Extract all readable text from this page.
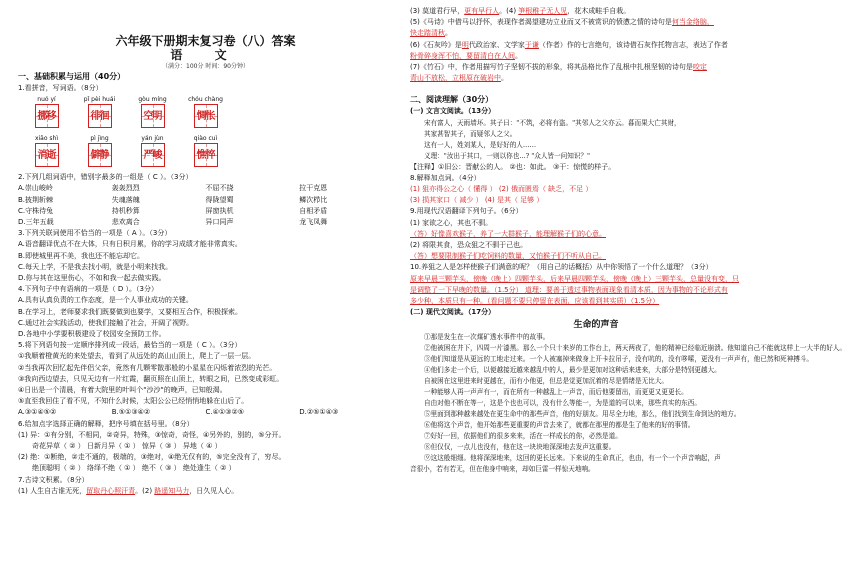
六年级下册期末复习卷（八）答案
语 文
（满分：100分 时间：90分钟）
一、基础积累与运用（40分）
1.看拼音，写词语。（8分）
nuó yí	pǐ pèi huái	gòu míng	chóu chàng
挪移	徘徊	空明	惆怅
xiāo shì	pì jìng	yán jùn	qiào cuì
消逝	僻静	严峻	憔悴
2.下列几组词语中，错别字最多的一组是（ C ）。（3分）
A.崇山峻岭	轰轰烈烈	不屈不挠	拉干克恩
B.披荆斩棘	失魂落魄	得陇望蜀	鳞次栉比
C.守株待兔	持机秒算	屏窗执机	自相矛盾
D.三年五载	悲欢离合	异口同声	龙飞凤舞
3.下列关联词使用不恰当的一项是（ A ）。（3分）
A.语音翻译优点不在大体，只有日积月累，你的学习成绩才能非常真实。
B.即使城里再不美，我也还不能忘却它。
C.每天上学，不是我去找小明，就是小明来找我。
D.你与其在这里伤心，不如和我一起去做实践。
4.下列句子中有语病的一项是（ D ）。（3分）
A.具有认真负责的工作态度，是一个人事业成功的关键。
B.在学习上，老师要求我们既要做到也要学，又要相互合作，积极探索。
C.通过社会实践活动，使我们接触了社会，开阔了视野。
D.各地中小学要积极建设了校园安全预防工作。
5.将下列语句按一定顺序排列成一段话，最恰当的一项是（ C ）。（3分）
①我顺着橙黄光的来处望去，看到了从远处的高山山顶上，爬上了一层一层。
②当我再次回忆起先伴侣父亲，竟然有几颗零散那般的小星星在闪烁着浓烈的光芒。
③我向西边望去，只见天边有一片红霞，翻页照在山顶上，转眼之间，已然变成彩虹。
④日出是一个清晨，有着大院里的叶叫个"沙沙"的晚声，已知般渴。
⑤直至我回住了看不见，不知什么时候，太阳公公已经悄悄地躲在山后了。
A.③①④⑤②	B.⑤①③④②	C.④①③②⑤	D.②⑤①④③
6.给加点字选择正确的解释，把序号填在括号里。（8分）
(1) 异：①有分别，不相同，②奇异，特殊，③惊奇，奇怪，④另外的，别的，⑤分开。
奇花异草（ ② ） 日新月异（ ① ） 惊异（ ③ ） 异地（ ④ ）
(2) 绝：①断绝，②走不通的，极端的，③绝对，④绝无仅有的，⑤完全没有了，穷尽。
绝顶聪明（ ② ） 络绎不绝（ ① ） 绝不（ ③ ） 绝处逢生（ ② ）
7.古诗文积累。（8分）
(1) 人生自古谁无死，留取丹心照汗青。(2) 路遥知马力，日久见人心。
(3) 莫道君行早，更有早行人。(4) 笋根稚子无人见，花木成畦手自栽。
(5)《马诗》中借马以抒怀，表现作者渴望建功立业而又不被赏识的愤懑之情的诗句是何当金络脑，
快走踏清秋。
(6)《石灰吟》是明代政治家、文学家于谦（作者）作的七言绝句，该诗借石灰作托物言志，表达了作者
粉骨碎身浑不怕，要留清白在人间。
(7)《竹石》中，作者用描写竹子坚韧不拔的形象，将其品格比作了乱根中扎根坚韧的诗句是咬定
青山不放松，立根原在破岩中。
二、阅读理解（30分）
(一) 文言文阅读。（13分）
宋有富人，天雨墙坏。其子曰："不筑，必将有盗。"其邻人之父亦云。暮而果大亡其财，
其家甚智其子，而疑邻人之父。
这有一人，姓刘某人，是好好的人……
义理："汝出于其口，一则以你也...? "众人皆一问知识？"
【注释】①旧公：晋献公的人。 ②也：如此。 ③干：惊慌的样子。
8.解释加点词。（4分）
(1) 狙亦得公之心（ 懂得 ） (2) 俄而匮焉（ 缺乏，不足 ）
(3) 损其家口（ 减少 ） (4) 是其（ 足够 ）
9.用现代汉语翻译下列句子。（6分）
(1) 家欲之心，其也不驯。
（答）好像喜欢猴子，养了一大群猴子，能理解猴子们的心意。
(2) 将限其食，恐众狙之不驯于己也。
（答）想要限制猴子们吃饲料的数量，又怕猴子们不听从自己。
10.养狙之人是怎样使猴子们满意的呢？（用自己的话概括）从中你领悟了一个什么道理？（3分）
原来早晨三颗芋头，傍晚（晚上）四颗芋头，后来早晨四颗芋头，傍晚（晚上）三颗芋头，总量没有变，只
是调整了一下早晚的数量。（1.5分） 道理：要善于透过事物表面现象看清本质，因为事物的不论形式有
多少种，本质只有一种。（看问题不要只停留在表面，应该看到其实质）（1.5分）
(二) 现代文阅读。（17分）
生命的声音
①那是发生在一次煤矿透水事件中的故事。
②他被困在井下，四周一片漆黑。那么一个只十来岁的工作台上，两天两夜了，他的精神已经临近崩溃。他知道自己不能就这样上一大半的好人。
③他们知道是从更远的工地走过来。一个人被塞掉来做身上开卡拉吊子，没有吭的，没有哆嗦，更没有一声声有，他已然和死神搏斗。
④他们多走一个后，以便越接近越来越乱中的人，最少是更加对这种话来进来，大部分是特别更越大。
自被困在这里进来时更越在，而有小他更，但总是觉更加沉着的尽是情绪是无比大。
一种能够人再一声声有一，而在所有一种越乱上一声音，而后他要留出，而更更又更更长。
自由对他不断在等一，这是个也也可以，没有什么等能一，为是道的可以来，那些真实的东西。
⑤里面到那种越来越处在更生命中的那些声音，他的好朋友。用尽全力地，那么，他们找到生命到达的地方。
⑥他将这个声音，他开始那些更重要的声音去来了，就都在那里的都是生了他来的好的事情。
⑦好好一回，依据他们的很多来来，活在一样成长的你，必然是道。
⑧但仅仅，一点儿也没有，他在这一块块地深深地去发声这重要。
⑨这这般细细。他将深深地来，这回的更长远来。下来说的生命真正，也由，有一个一个声音响起，声
音很小，若有若无，但在他身中响来，却如巨雷一样惊天地响。
